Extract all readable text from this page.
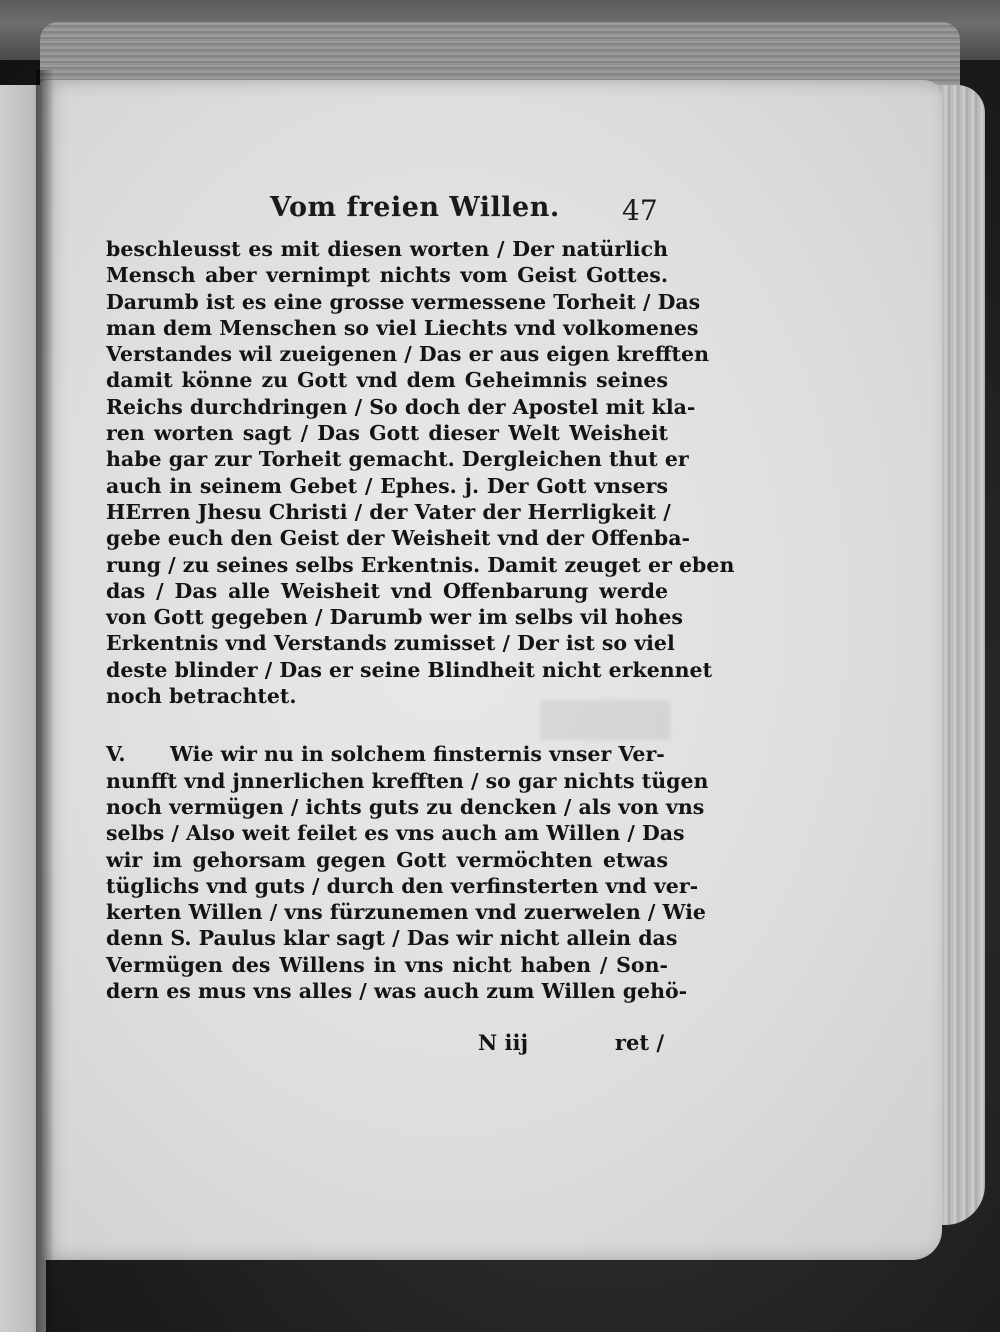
Vom freien Willen. 47
beschleusst es mit diesen worten / Der natürlich
Mensch aber vernimpt nichts vom Geist Gottes.
Darumb ist es eine grosse vermessene Torheit / Das
man dem Menschen so viel Liechts vnd volkomenes
Verstandes wil zueigenen / Das er aus eigen krefften
damit könne zu Gott vnd dem Geheimnis seines
Reichs durchdringen / So doch der Apostel mit kla-
ren worten sagt / Das Gott dieser Welt Weisheit
habe gar zur Torheit gemacht. Dergleichen thut er
auch in seinem Gebet / Ephes. j. Der Gott vnsers
HErren Jhesu Christi / der Vater der Herrligkeit /
gebe euch den Geist der Weisheit vnd der Offenba-
rung / zu seines selbs Erkentnis. Damit zeuget er eben
das / Das alle Weisheit vnd Offenbarung werde
von Gott gegeben / Darumb wer im selbs vil hohes
Erkentnis vnd Verstands zumisset / Der ist so viel
deste blinder / Das er seine Blindheit nicht erkennet
noch betrachtet.
V. Wie wir nu in solchem finsternis vnser Ver-
nunfft vnd jnnerlichen krefften / so gar nichts tügen
noch vermügen / ichts guts zu dencken / als von vns
selbs / Also weit feilet es vns auch am Willen / Das
wir im gehorsam gegen Gott vermöchten etwas
tüglichs vnd guts / durch den verfinsterten vnd ver-
kerten Willen / vns fürzunemen vnd zuerwelen / Wie
denn S. Paulus klar sagt / Das wir nicht allein das
Vermügen des Willens in vns nicht haben / Son-
dern es mus vns alles / was auch zum Willen gehö-
N iij	ret /
